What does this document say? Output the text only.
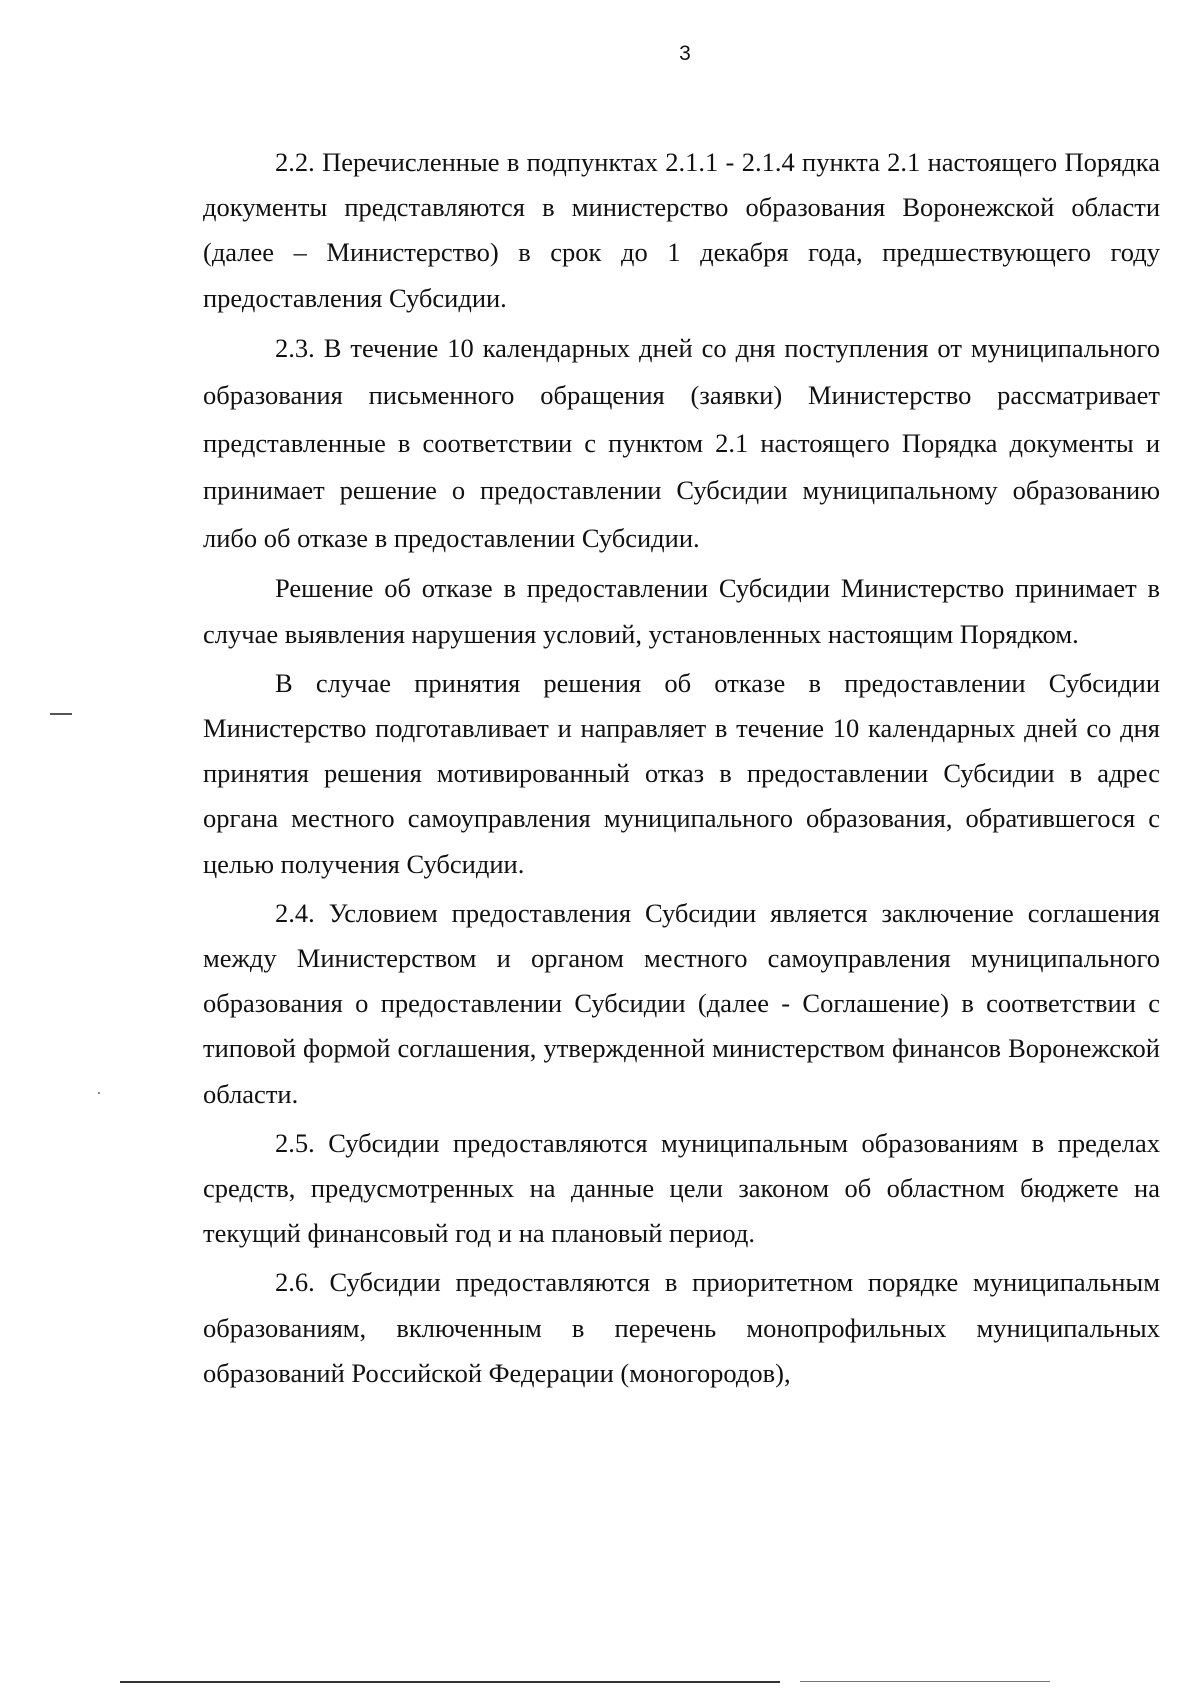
3

2.2. Перечисленные в подпунктах 2.1.1 - 2.1.4 пункта 2.1 настоящего Порядка документы представляются в министерство образования Воронежской области (далее – Министерство) в срок до 1 декабря года, предшествующего году предоставления Субсидии.

2.3. В течение 10 календарных дней со дня поступления от муниципального образования письменного обращения (заявки) Министерство рассматривает представленные в соответствии с пунктом 2.1 настоящего Порядка документы и принимает решение о предоставлении Субсидии муниципальному образованию либо об отказе в предоставлении Субсидии.

Решение об отказе в предоставлении Субсидии Министерство принимает в случае выявления нарушения условий, установленных настоящим Порядком.

В случае принятия решения об отказе в предоставлении Субсидии Министерство подготавливает и направляет в течение 10 календарных дней со дня принятия решения мотивированный отказ в предоставлении Субсидии в адрес органа местного самоуправления муниципального образования, обратившегося с целью получения Субсидии.

2.4. Условием предоставления Субсидии является заключение соглашения между Министерством и органом местного самоуправления муниципального образования о предоставлении Субсидии (далее - Соглашение) в соответствии с типовой формой соглашения, утвержденной министерством финансов Воронежской области.

2.5. Субсидии предоставляются муниципальным образованиям в пределах средств, предусмотренных на данные цели законом об областном бюджете на текущий финансовый год и на плановый период.

2.6. Субсидии предоставляются в приоритетном порядке муниципальным образованиям, включенным в перечень монопрофильных муниципальных образований Российской Федерации (моногородов),
